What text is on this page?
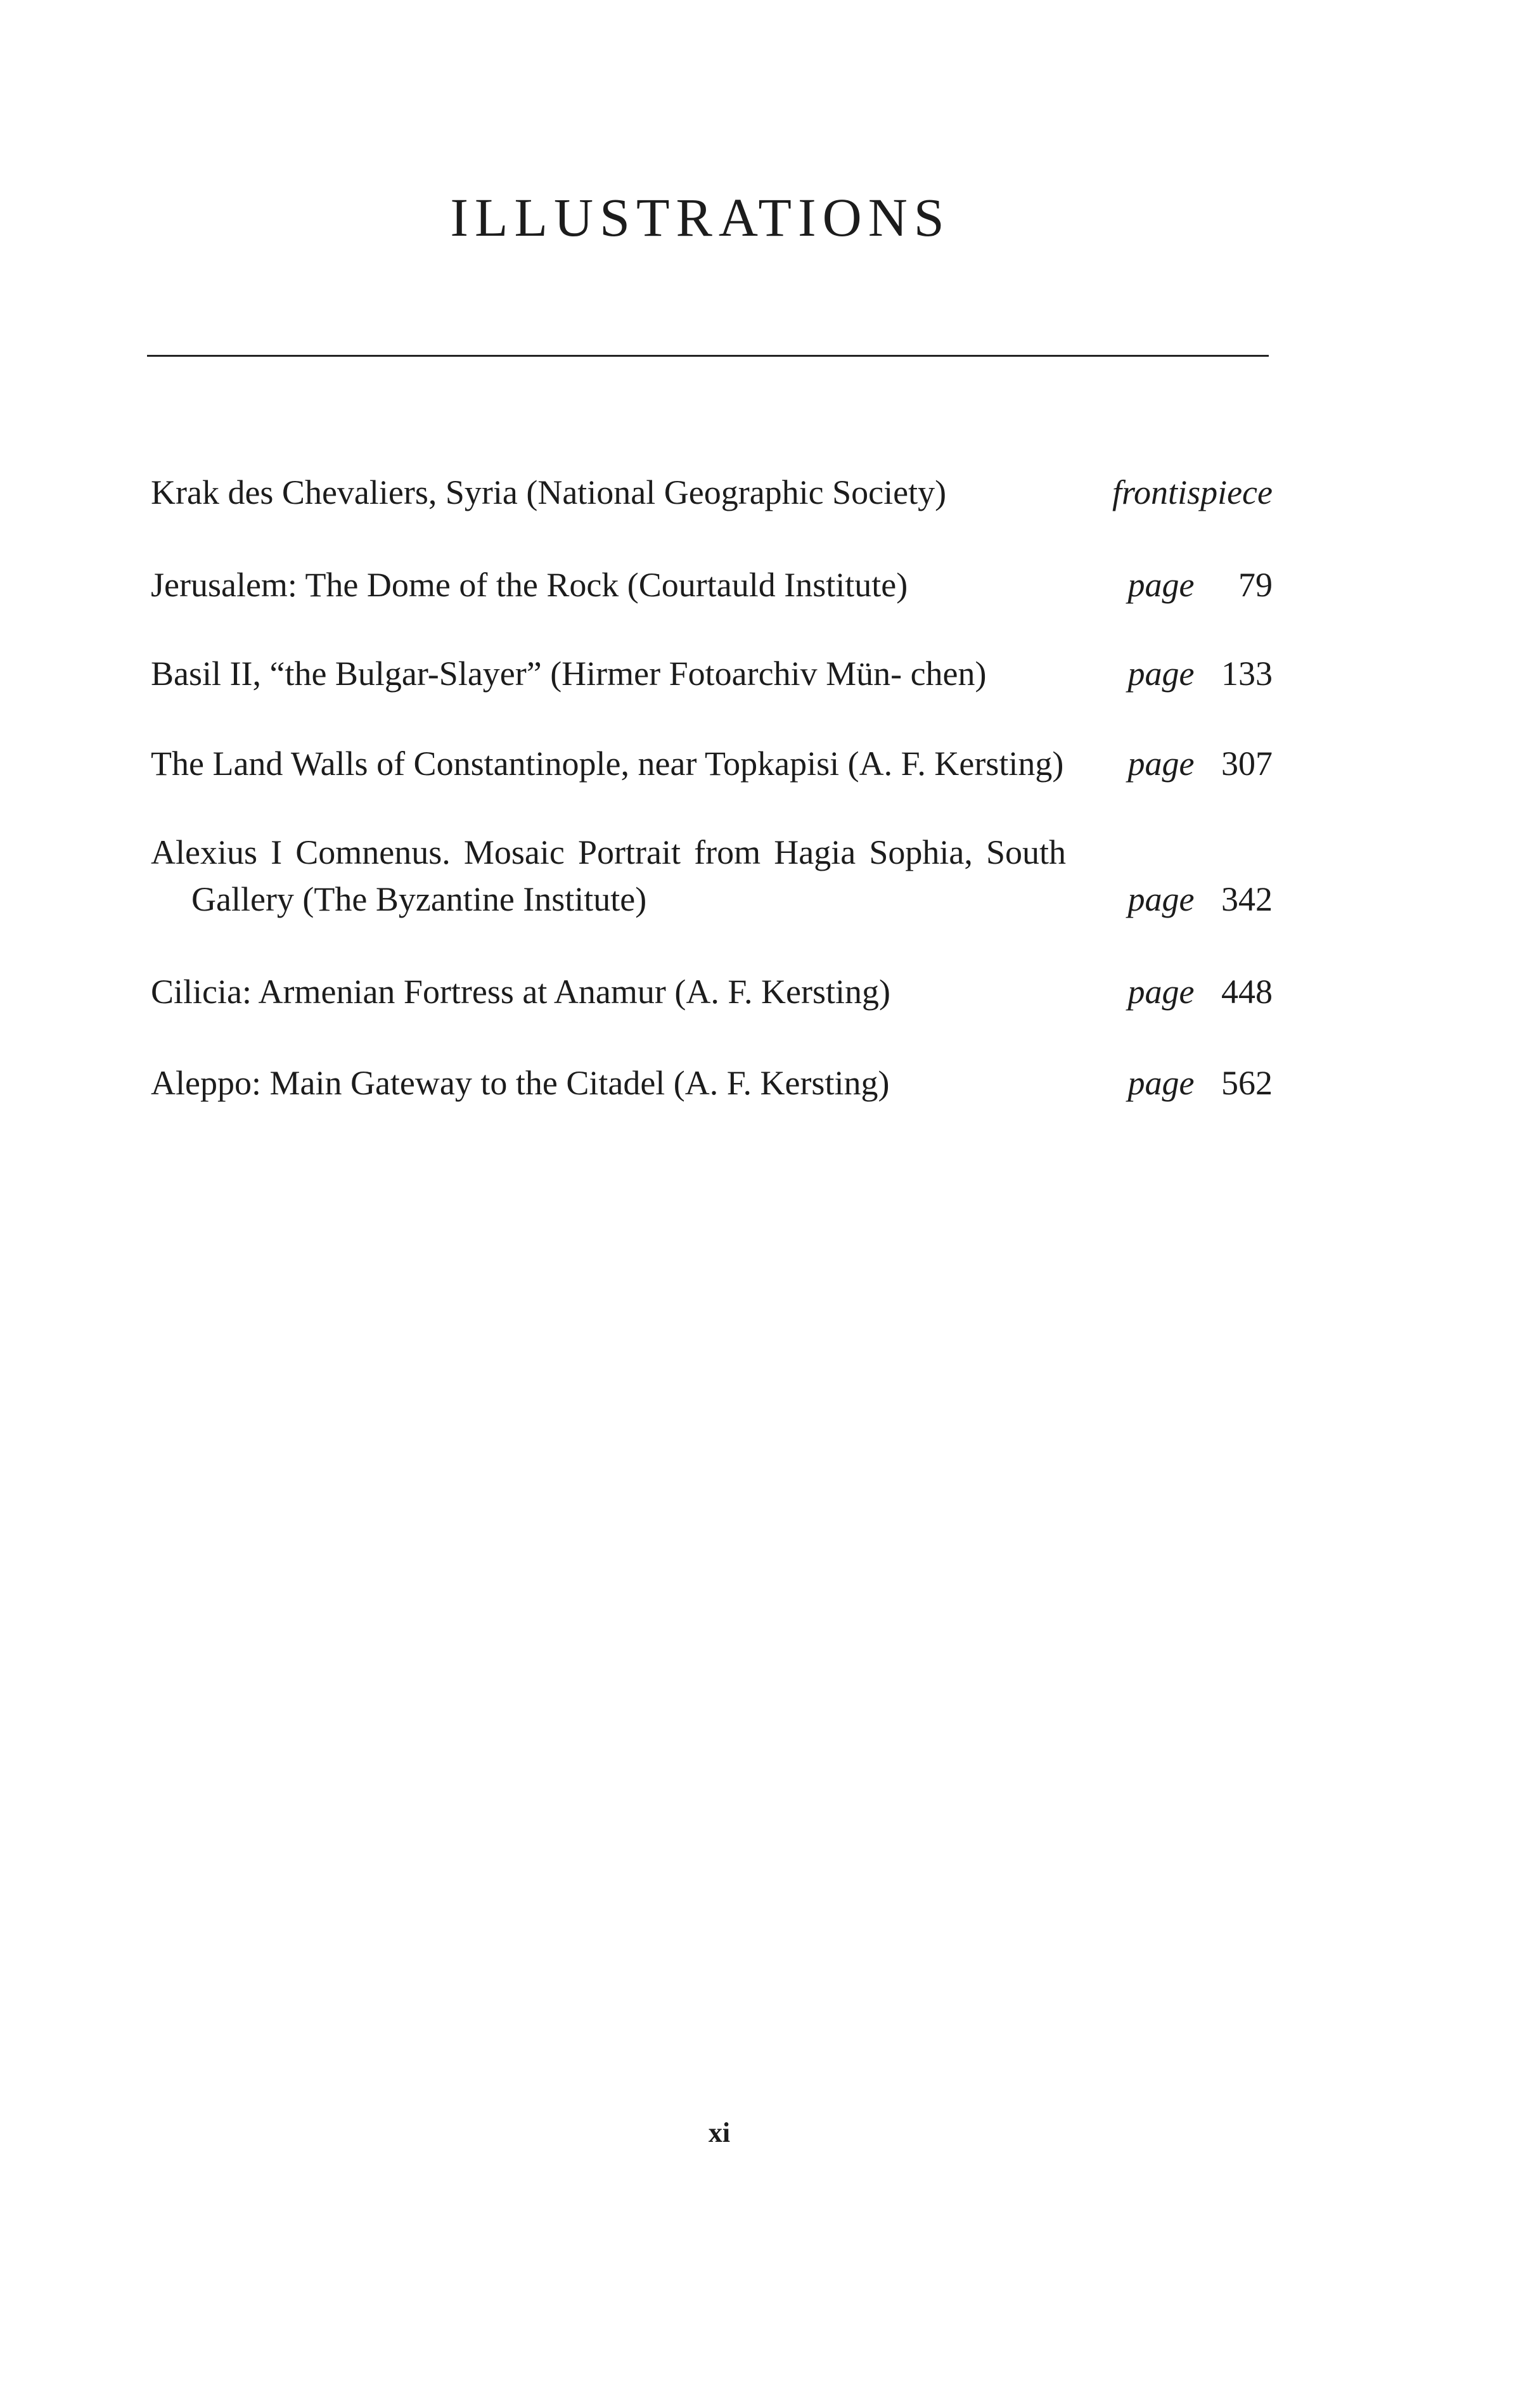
ILLUSTRATIONS
Krak des Chevaliers, Syria (National Geographic Society)	frontispiece
Jerusalem: The Dome of the Rock (Courtauld Institute)	page 79
Basil II, “the Bulgar-Slayer” (Hirmer Fotoarchiv Mün- chen)	page 133
The Land Walls of Constantinople, near Topkapisi (A. F. Kersting)	page 307
Alexius I Comnenus. Mosaic Portrait from Hagia Sophia, South Gallery (The Byzantine Institute)	page 342
Cilicia: Armenian Fortress at Anamur (A. F. Kersting)	page 448
Aleppo: Main Gateway to the Citadel (A. F. Kersting)	page 562
xi
